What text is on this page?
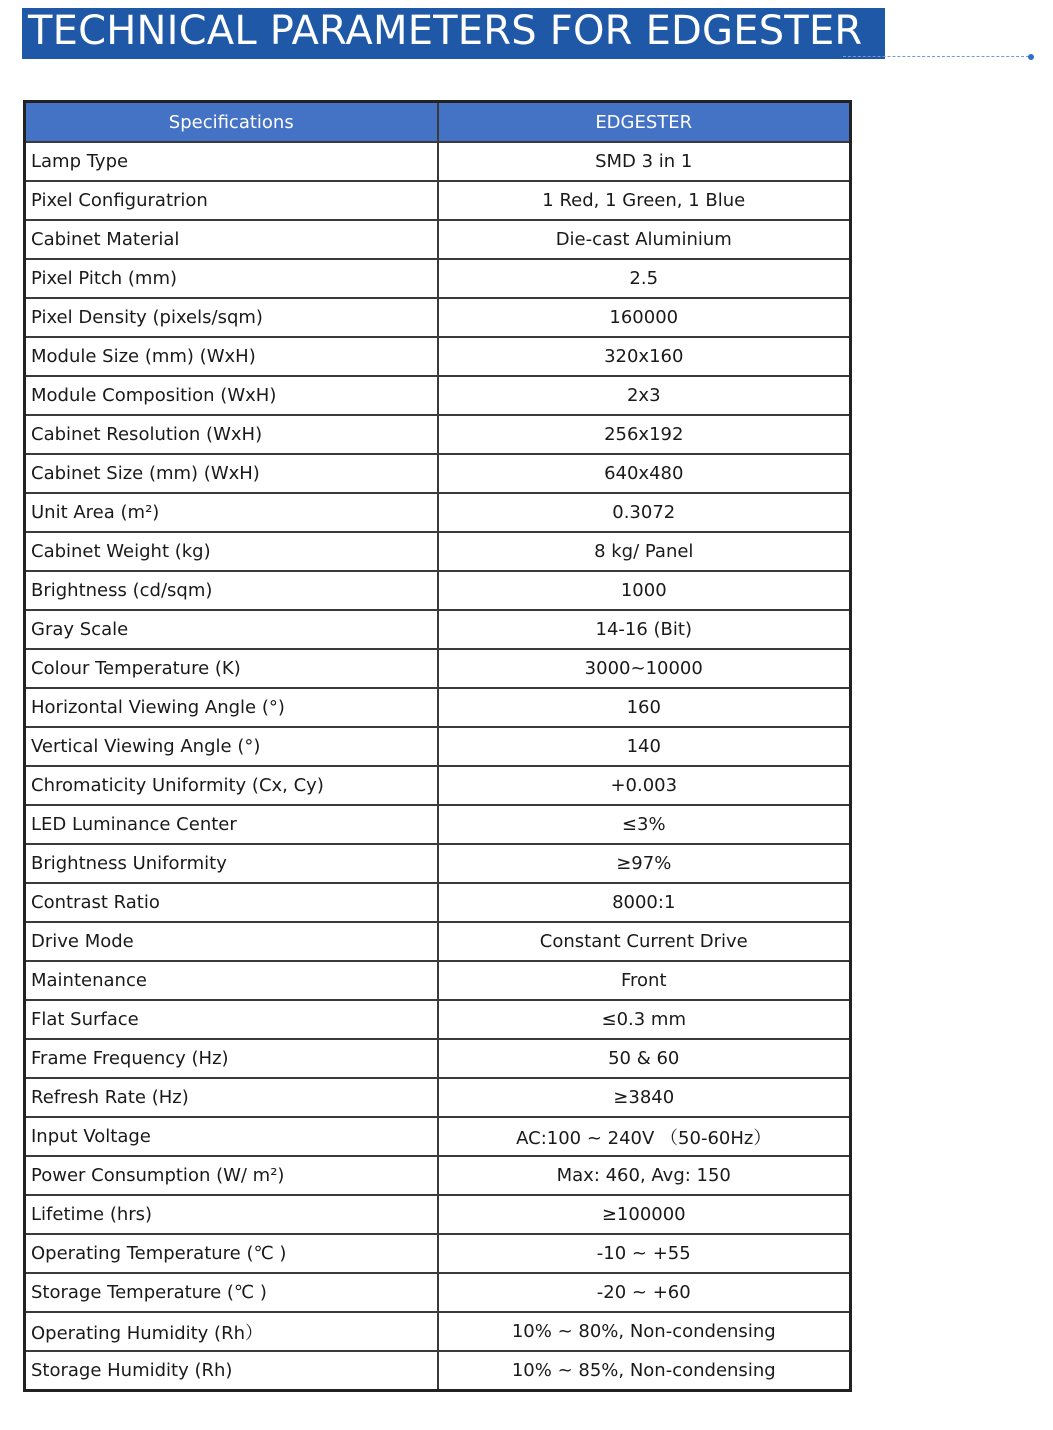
TECHNICAL PARAMETERS FOR EDGESTER
Specifications	EDGESTER
Lamp Type	SMD 3 in 1
Pixel Configuratrion	1 Red, 1 Green, 1 Blue
Cabinet Material	Die-cast Aluminium
Pixel Pitch (mm)	2.5
Pixel Density (pixels/sqm)	160000
Module Size (mm) (WxH)	320x160
Module Composition (WxH)	2x3
Cabinet Resolution (WxH)	256x192
Cabinet Size (mm) (WxH)	640x480
Unit Area (m²)	0.3072
Cabinet Weight (kg)	8 kg/ Panel
Brightness (cd/sqm)	1000
Gray Scale	14-16 (Bit)
Colour Temperature (K)	3000~10000
Horizontal Viewing Angle (°)	160
Vertical Viewing Angle (°)	140
Chromaticity Uniformity (Cx, Cy)	+0.003
LED Luminance Center	≤3%
Brightness Uniformity	≥97%
Contrast Ratio	8000:1
Drive Mode	Constant Current Drive
Maintenance	Front
Flat Surface	≤0.3 mm
Frame Frequency (Hz)	50 & 60
Refresh Rate (Hz)	≥3840
Input Voltage	AC:100 ~ 240V （50-60Hz）
Power Consumption (W/ m²)	Max: 460, Avg: 150
Lifetime (hrs)	≥100000
Operating Temperature (℃ )	-10 ~ +55
Storage Temperature (℃ )	-20 ~ +60
Operating Humidity (Rh）	10% ~ 80%, Non-condensing
Storage Humidity (Rh)	10% ~ 85%, Non-condensing
